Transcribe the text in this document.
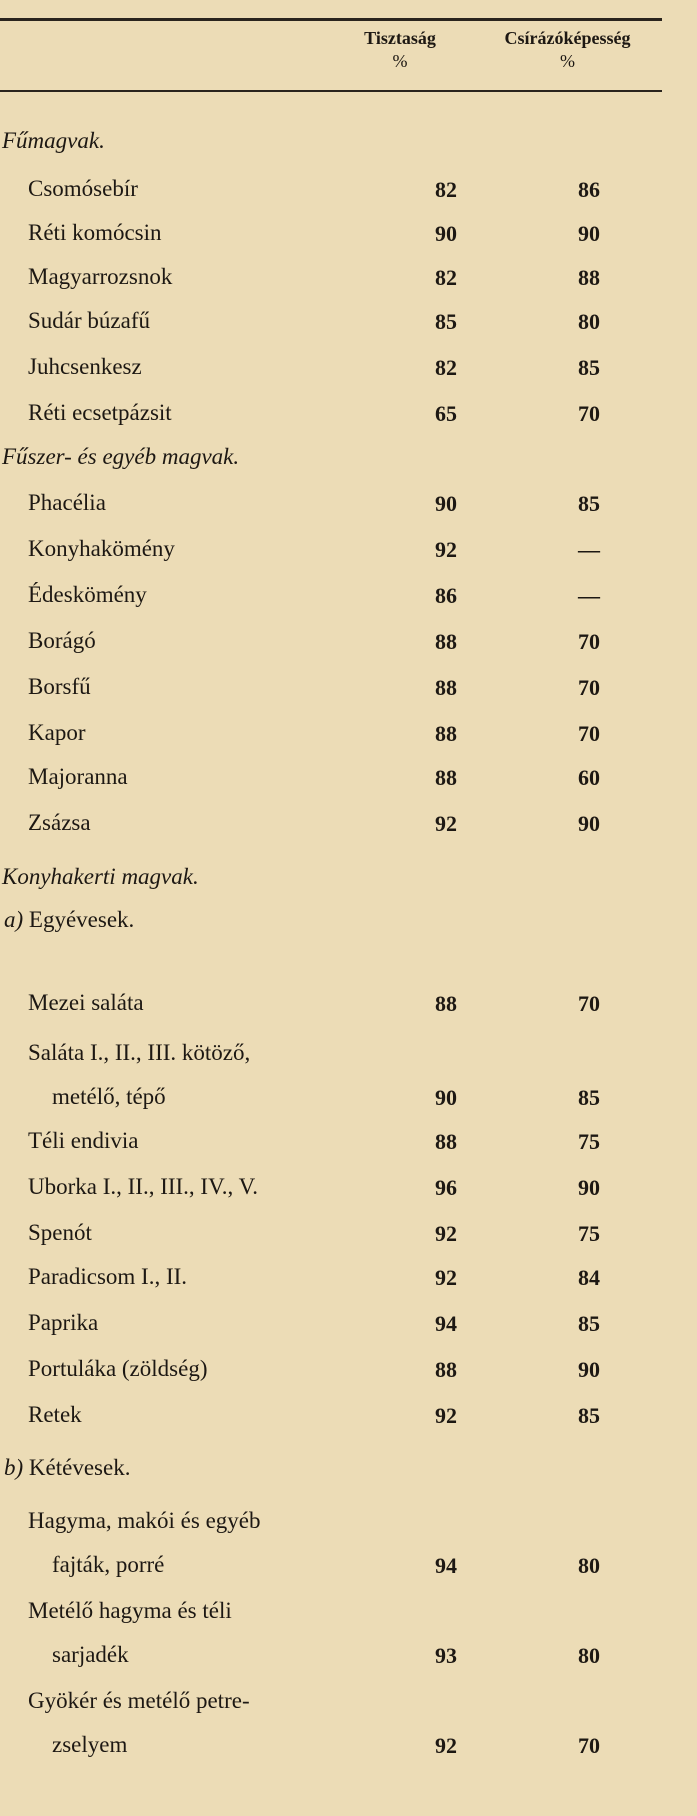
Tisztaság
%
Csírázóképesség
%
Fűmagvak.
Csomósebír	82	86
Réti komócsin	90	90
Magyarrozsnok	82	88
Sudár búzafű	85	80
Juhcsenkesz	82	85
Réti ecsetpázsit	65	70
Fűszer- és egyéb magvak.
Phacélia	90	85
Konyhakömény	92	—
Édeskömény	86	—
Borágó	88	70
Borsfű	88	70
Kapor	88	70
Majoranna	88	60
Zsázsa	92	90
Konyhakerti magvak.
a) Egyévesek.
Mezei saláta	88	70
Saláta I., II., III. kötöző,
metélő, tépő	90	85
Téli endivia	88	75
Uborka I., II., III., IV., V.	96	90
Spenót	92	75
Paradicsom I., II.	92	84
Paprika	94	85
Portuláka (zöldség)	88	90
Retek	92	85
b) Kétévesek.
Hagyma, makói és egyéb
fajták, porré	94	80
Metélő hagyma és téli
sarjadék	93	80
Gyökér és metélő petre-
zselyem	92	70
